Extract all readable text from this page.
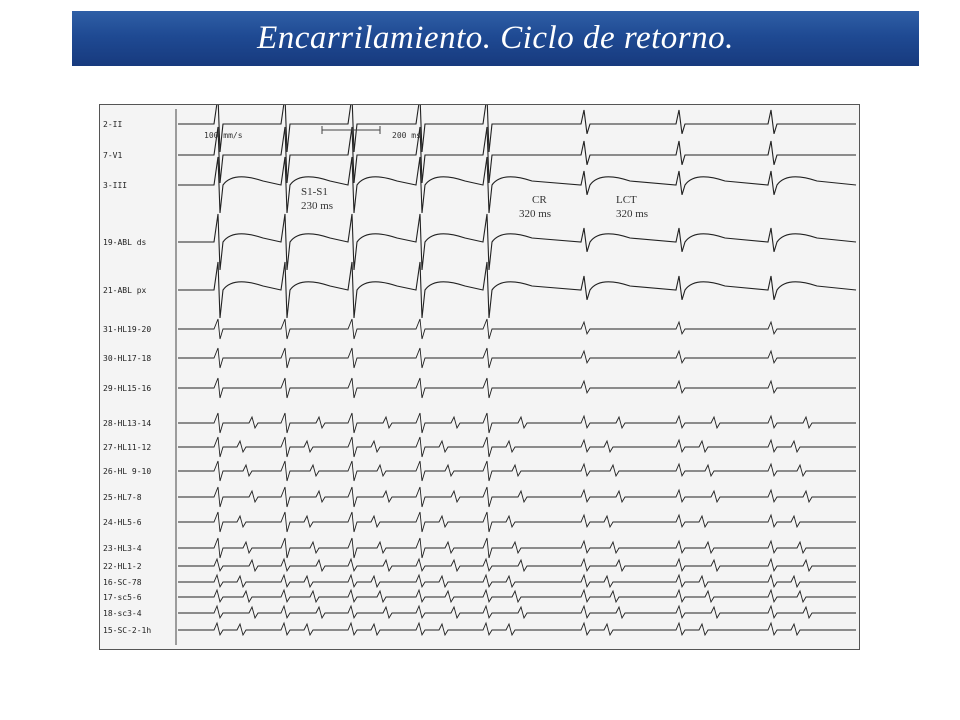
Encarrilamiento. Ciclo de retorno.
2-II
7-V1
3-III
19-ABL ds
21-ABL px
31-HL19-20
30-HL17-18
29-HL15-16
28-HL13-14
27-HL11-12
26-HL 9-10
25-HL7-8
24-HL5-6
23-HL3-4
22-HL1-2
16-SC-78
17-sc5-6
18-sc3-4
15-SC-2-1h
100 mm/s	200 ms
S1-S1
230 ms	CR
320 ms
LCT
320 ms
